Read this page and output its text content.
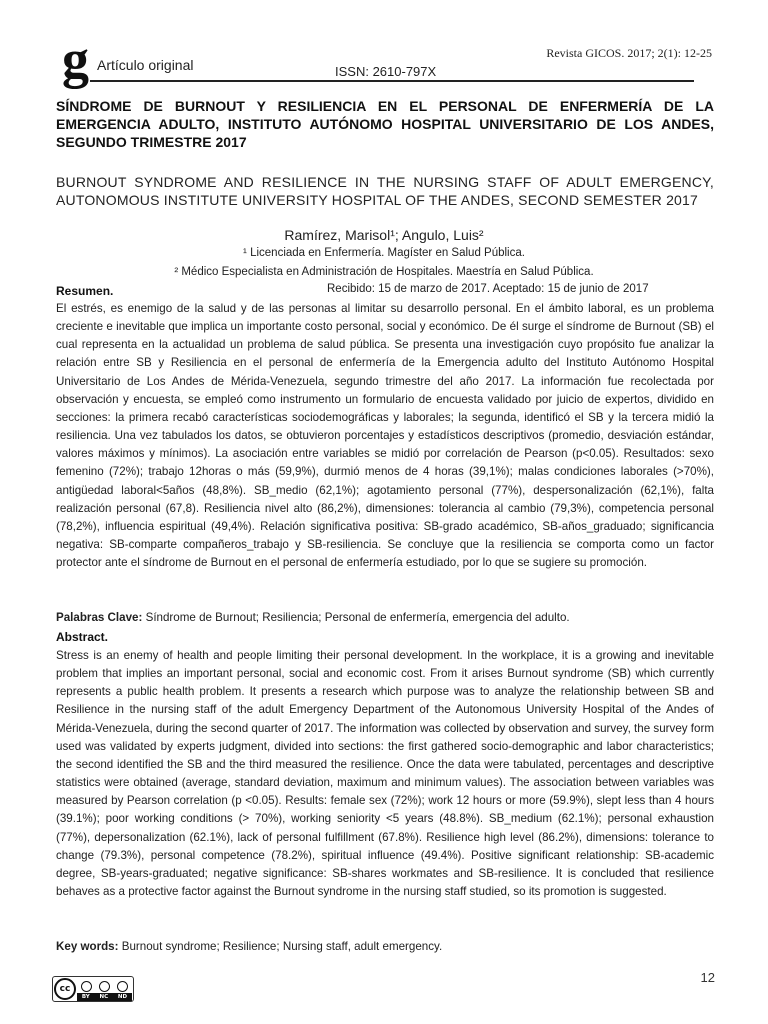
g Artículo original	ISSN: 2610-797X
Revista GICOS. 2017; 2(1): 12-25
SÍNDROME DE BURNOUT Y RESILIENCIA EN EL PERSONAL DE ENFERMERÍA DE LA EMERGENCIA ADULTO, INSTITUTO AUTÓNOMO HOSPITAL UNIVERSITARIO DE LOS ANDES, SEGUNDO TRIMESTRE 2017
BURNOUT SYNDROME AND RESILIENCE IN THE NURSING STAFF OF ADULT EMERGENCY, AUTONOMOUS INSTITUTE UNIVERSITY HOSPITAL OF THE ANDES, SECOND SEMESTER 2017
Ramírez, Marisol¹; Angulo, Luis²
¹ Licenciada en Enfermería. Magíster en Salud Pública.
² Médico Especialista en Administración de Hospitales. Maestría en Salud Pública.
Resumen.	Recibido: 15 de marzo de 2017. Aceptado: 15 de junio de 2017
El estrés, es enemigo de la salud y de las personas al limitar su desarrollo personal. En el ámbito laboral, es un problema creciente e inevitable que implica un importante costo personal, social y económico. De él surge el síndrome de Burnout (SB) el cual representa en la actualidad un problema de salud pública. Se presenta una investigación cuyo propósito fue analizar la relación entre SB y Resiliencia en el personal de enfermería de la Emergencia adulto del Instituto Autónomo Hospital Universitario de Los Andes de Mérida-Venezuela, segundo trimestre del año 2017. La información fue recolectada por observación y encuesta, se empleó como instrumento un formulario de encuesta validado por juicio de expertos, dividido en secciones: la primera recabó características sociodemográficas y laborales; la segunda, identificó el SB y la tercera midió la resiliencia. Una vez tabulados los datos, se obtuvieron porcentajes y estadísticos descriptivos (promedio, desviación estándar, valores máximos y mínimos). La asociación entre variables se midió por correlación de Pearson (p<0.05). Resultados: sexo femenino (72%); trabajo 12horas o más (59,9%), durmió menos de 4 horas (39,1%); malas condiciones laborales (>70%), antigüedad laboral<5años (48,8%). SB_medio (62,1%); agotamiento personal (77%), despersonalización (62,1%), falta realización personal (67,8). Resiliencia nivel alto (86,2%), dimensiones: tolerancia al cambio (79,3%), competencia personal (78,2%), influencia espiritual (49,4%). Relación significativa positiva: SB-grado académico, SB-años_graduado; significancia negativa: SB-comparte compañeros_trabajo y SB-resiliencia. Se concluye que la resiliencia se comporta como un factor protector ante el síndrome de Burnout en el personal de enfermería estudiado, por lo que se sugiere su promoción.
Palabras Clave: Síndrome de Burnout; Resiliencia; Personal de enfermería, emergencia del adulto.
Abstract.
Stress is an enemy of health and people limiting their personal development. In the workplace, it is a growing and inevitable problem that implies an important personal, social and economic cost. From it arises Burnout syndrome (SB) which currently represents a public health problem. It presents a research which purpose was to analyze the relationship between SB and Resilience in the nursing staff of the adult Emergency Department of the Autonomous University Hospital of the Andes of Mérida-Venezuela, during the second quarter of 2017. The information was collected by observation and survey, the survey form used was validated by experts judgment, divided into sections: the first gathered socio-demographic and labor characteristics; the second identified the SB and the third measured the resilience. Once the data were tabulated, percentages and descriptive statistics were obtained (average, standard deviation, maximum and minimum values). The association between variables was measured by Pearson correlation (p <0.05). Results: female sex (72%); work 12 hours or more (59.9%), slept less than 4 hours (39.1%); poor working conditions (> 70%), working seniority <5 years (48.8%). SB_medium (62.1%); personal exhaustion (77%), depersonalization (62.1%), lack of personal fulfillment (67.8%). Resilience high level (86.2%), dimensions: tolerance to change (79.3%), personal competence (78.2%), spiritual influence (49.4%). Positive significant relationship: SB-academic degree, SB-years-graduated; negative significance: SB-shares workmates and SB-resilience. It is concluded that resilience behaves as a protective factor against the Burnout syndrome in the nursing staff studied, so its promotion is suggested.
Key words: Burnout syndrome; Resilience; Nursing staff, adult emergency.
cc
BY NC ND
12
